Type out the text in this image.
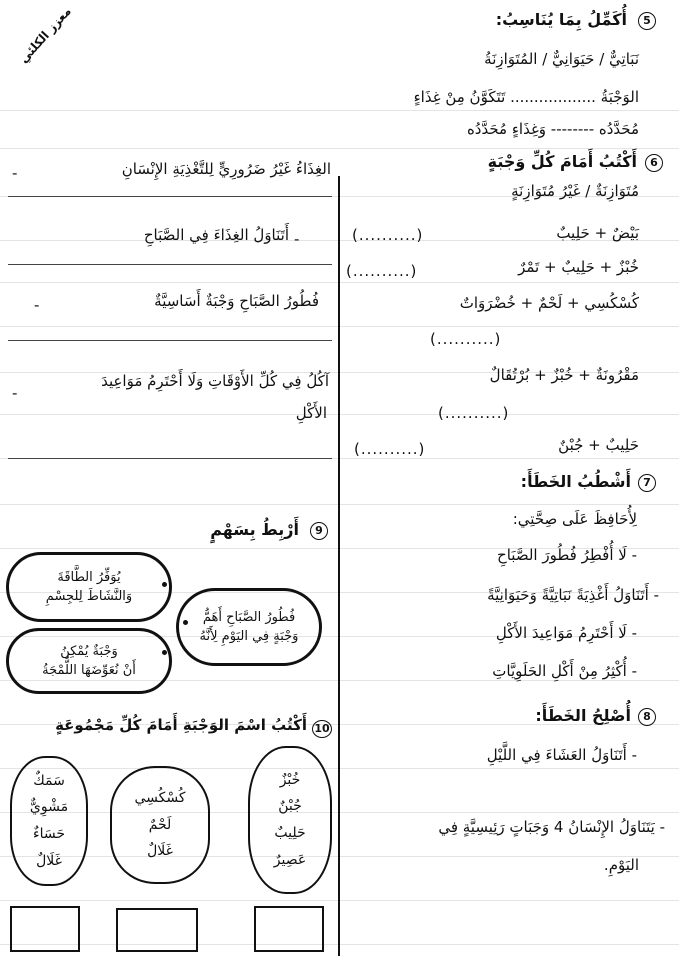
معزز الكلئي	5
أُكَمِّلُ بِمَا يُنَاسِبُ:
نَبَاتِيٌّ / حَيَوَانِيٌّ / المُتَوَازِنَةُ
الوَجْبَةُ .................. تَتَكَوَّنُ مِنْ غِذَاءٍ
مُحَدَّدُه -------- وَغِذَاءٍ مُحَدَّدُه
6
أَكْتُبُ أَمَامَ كُلِّ وَجْبَةٍ
مُتَوَازِنَةٌ / غَيْرُ مُتَوَازِنَةٍ
بَيْضٌ + حَلِيبٌ
(..........)
خُبْزٌ + حَلِيبٌ + تَمْرٌ
(..........)
كُسْكُسِي + لَحْمٌ + خُضْرَوَاتٌ
(..........)
مَقْرُونَةٌ + خُبْزٌ + بُرْتُقَالٌ
(..........)
حَلِيبٌ + جُبْنٌ
(..........)
7
أَشْطُبُ الخَطَأَ:
لِأُحَافِظَ عَلَى صِحَّتِي:
- لَا أُفْطِرُ فُطُورَ الصَّبَاحِ
- أَتَنَاوَلُ أَغْذِيَةً نَبَاتِيَّةً وَحَيَوَانِيَّةً
- لَا أَحْتَرِمُ مَوَاعِيدَ الأَكْلِ
- أُكْثِرُ مِنْ أَكْلِ الحَلَوِيَّاتِ
8
أُصْلِحُ الخَطَأَ:
- أَتَنَاوَلُ العَشَاءَ فِي اللَّيْلِ
- يَتَنَاوَلُ الإِنْسَانُ 4 وَجَبَاتٍ رَئِيسِيَّةٍ فِي
اليَوْمِ.
-	الغِذَاءُ غَيْرُ ضَرُورِيٍّ لِلتَّغْذِيَةِ الإِنْسَانِ
-
أَتَنَاوَلُ الغِذَاءَ فِي الصَّبَاحِ
-	فُطُورُ الصَّبَاحِ وَجْبَةٌ أَسَاسِيَّةٌ
-
آكُلُ فِي كُلِّ الأَوْقَاتِ وَلَا أَحْتَرِمُ مَوَاعِيدَ
الأَكْلِ
9
أَرْبِطُ بِسَهْمٍ
يُوَفِّرُ الطَّاقَةَ
وَالنَّشَاطَ لِلجِسْمِ
وَجْبَةٌ يُمْكِنُ
أَنْ نُعَوِّضَهَا اللُّمْجَةُ
فُطُورُ الصَّبَاحِ أَهَمُّ
وَجْبَةٍ فِي اليَوْمِ لِأَنَّهُ
10
أَكْتُبُ اسْمَ الوَجْبَةِ أَمَامَ كُلِّ مَجْمُوعَةٍ
خُبْزٌ
جُبْنٌ
حَلِيبٌ
عَصِيرٌ
كُسْكُسِي
لَحْمٌ
غَلَالٌ
سَمَكٌ
مَشْوِيٌّ
حَسَاءٌ
غَلَالٌ
